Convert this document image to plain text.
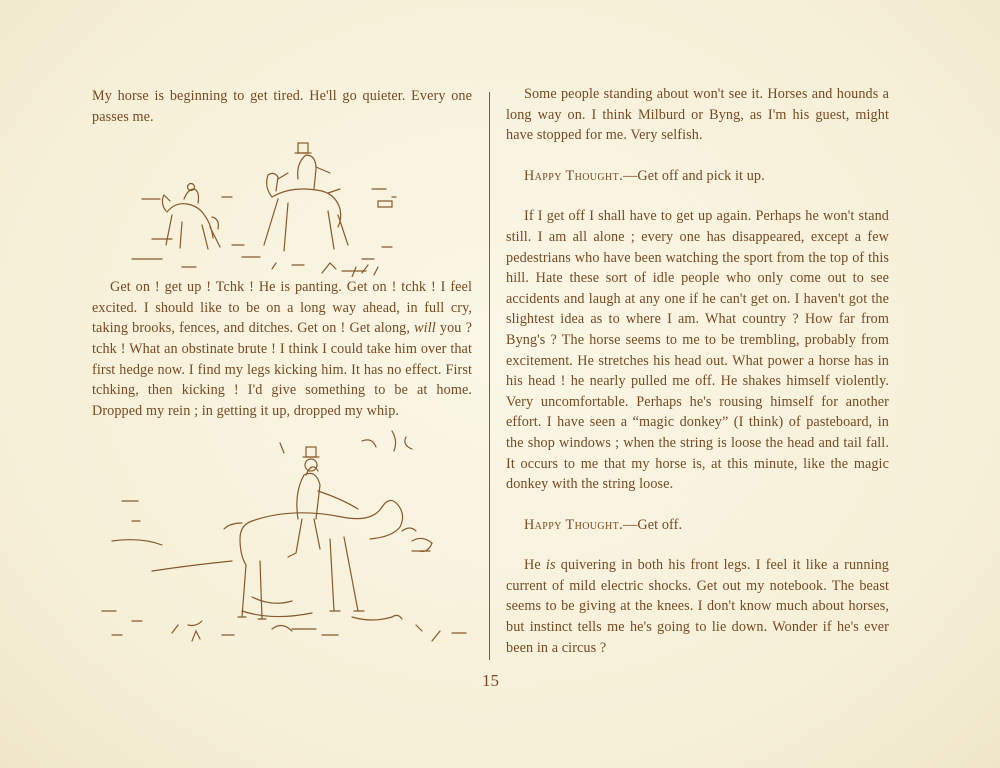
My horse is beginning to get tired. He'll go quieter. Every one passes me.

Get on ! get up ! Tchk ! He is panting. Get on ! tchk ! I feel excited. I should like to be on a long way ahead, in full cry, taking brooks, fences, and ditches. Get on ! Get along, will you ? tchk ! What an obstinate brute ! I think I could take him over that first hedge now. I find my legs kicking him. It has no effect. First tchking, then kicking ! I'd give something to be at home. Dropped my rein ; in getting it up, dropped my whip.

Some people standing about won't see it. Horses and hounds a long way on. I think Milburd or Byng, as I'm his guest, might have stopped for me. Very selfish.

Happy Thought.—Get off and pick it up.

If I get off I shall have to get up again. Perhaps he won't stand still. I am all alone ; every one has disappeared, except a few pedestrians who have been watching the sport from the top of this hill. Hate these sort of idle people who only come out to see accidents and laugh at any one if he can't get on. I haven't got the slightest idea as to where I am. What country ? How far from Byng's ? The horse seems to me to be trembling, probably from excitement. He stretches his head out. What power a horse has in his head ! he nearly pulled me off. He shakes himself violently. Very uncomfortable. Perhaps he's rousing himself for another effort. I have seen a “magic donkey” (I think) of pasteboard, in the shop windows ; when the string is loose the head and tail fall. It occurs to me that my horse is, at this minute, like the magic donkey with the string loose.

Happy Thought.—Get off.

He is quivering in both his front legs. I feel it like a running current of mild electric shocks. Get out my notebook. The beast seems to be giving at the knees. I don't know much about horses, but instinct tells me he's going to lie down. Wonder if he's ever been in a circus ?

15
